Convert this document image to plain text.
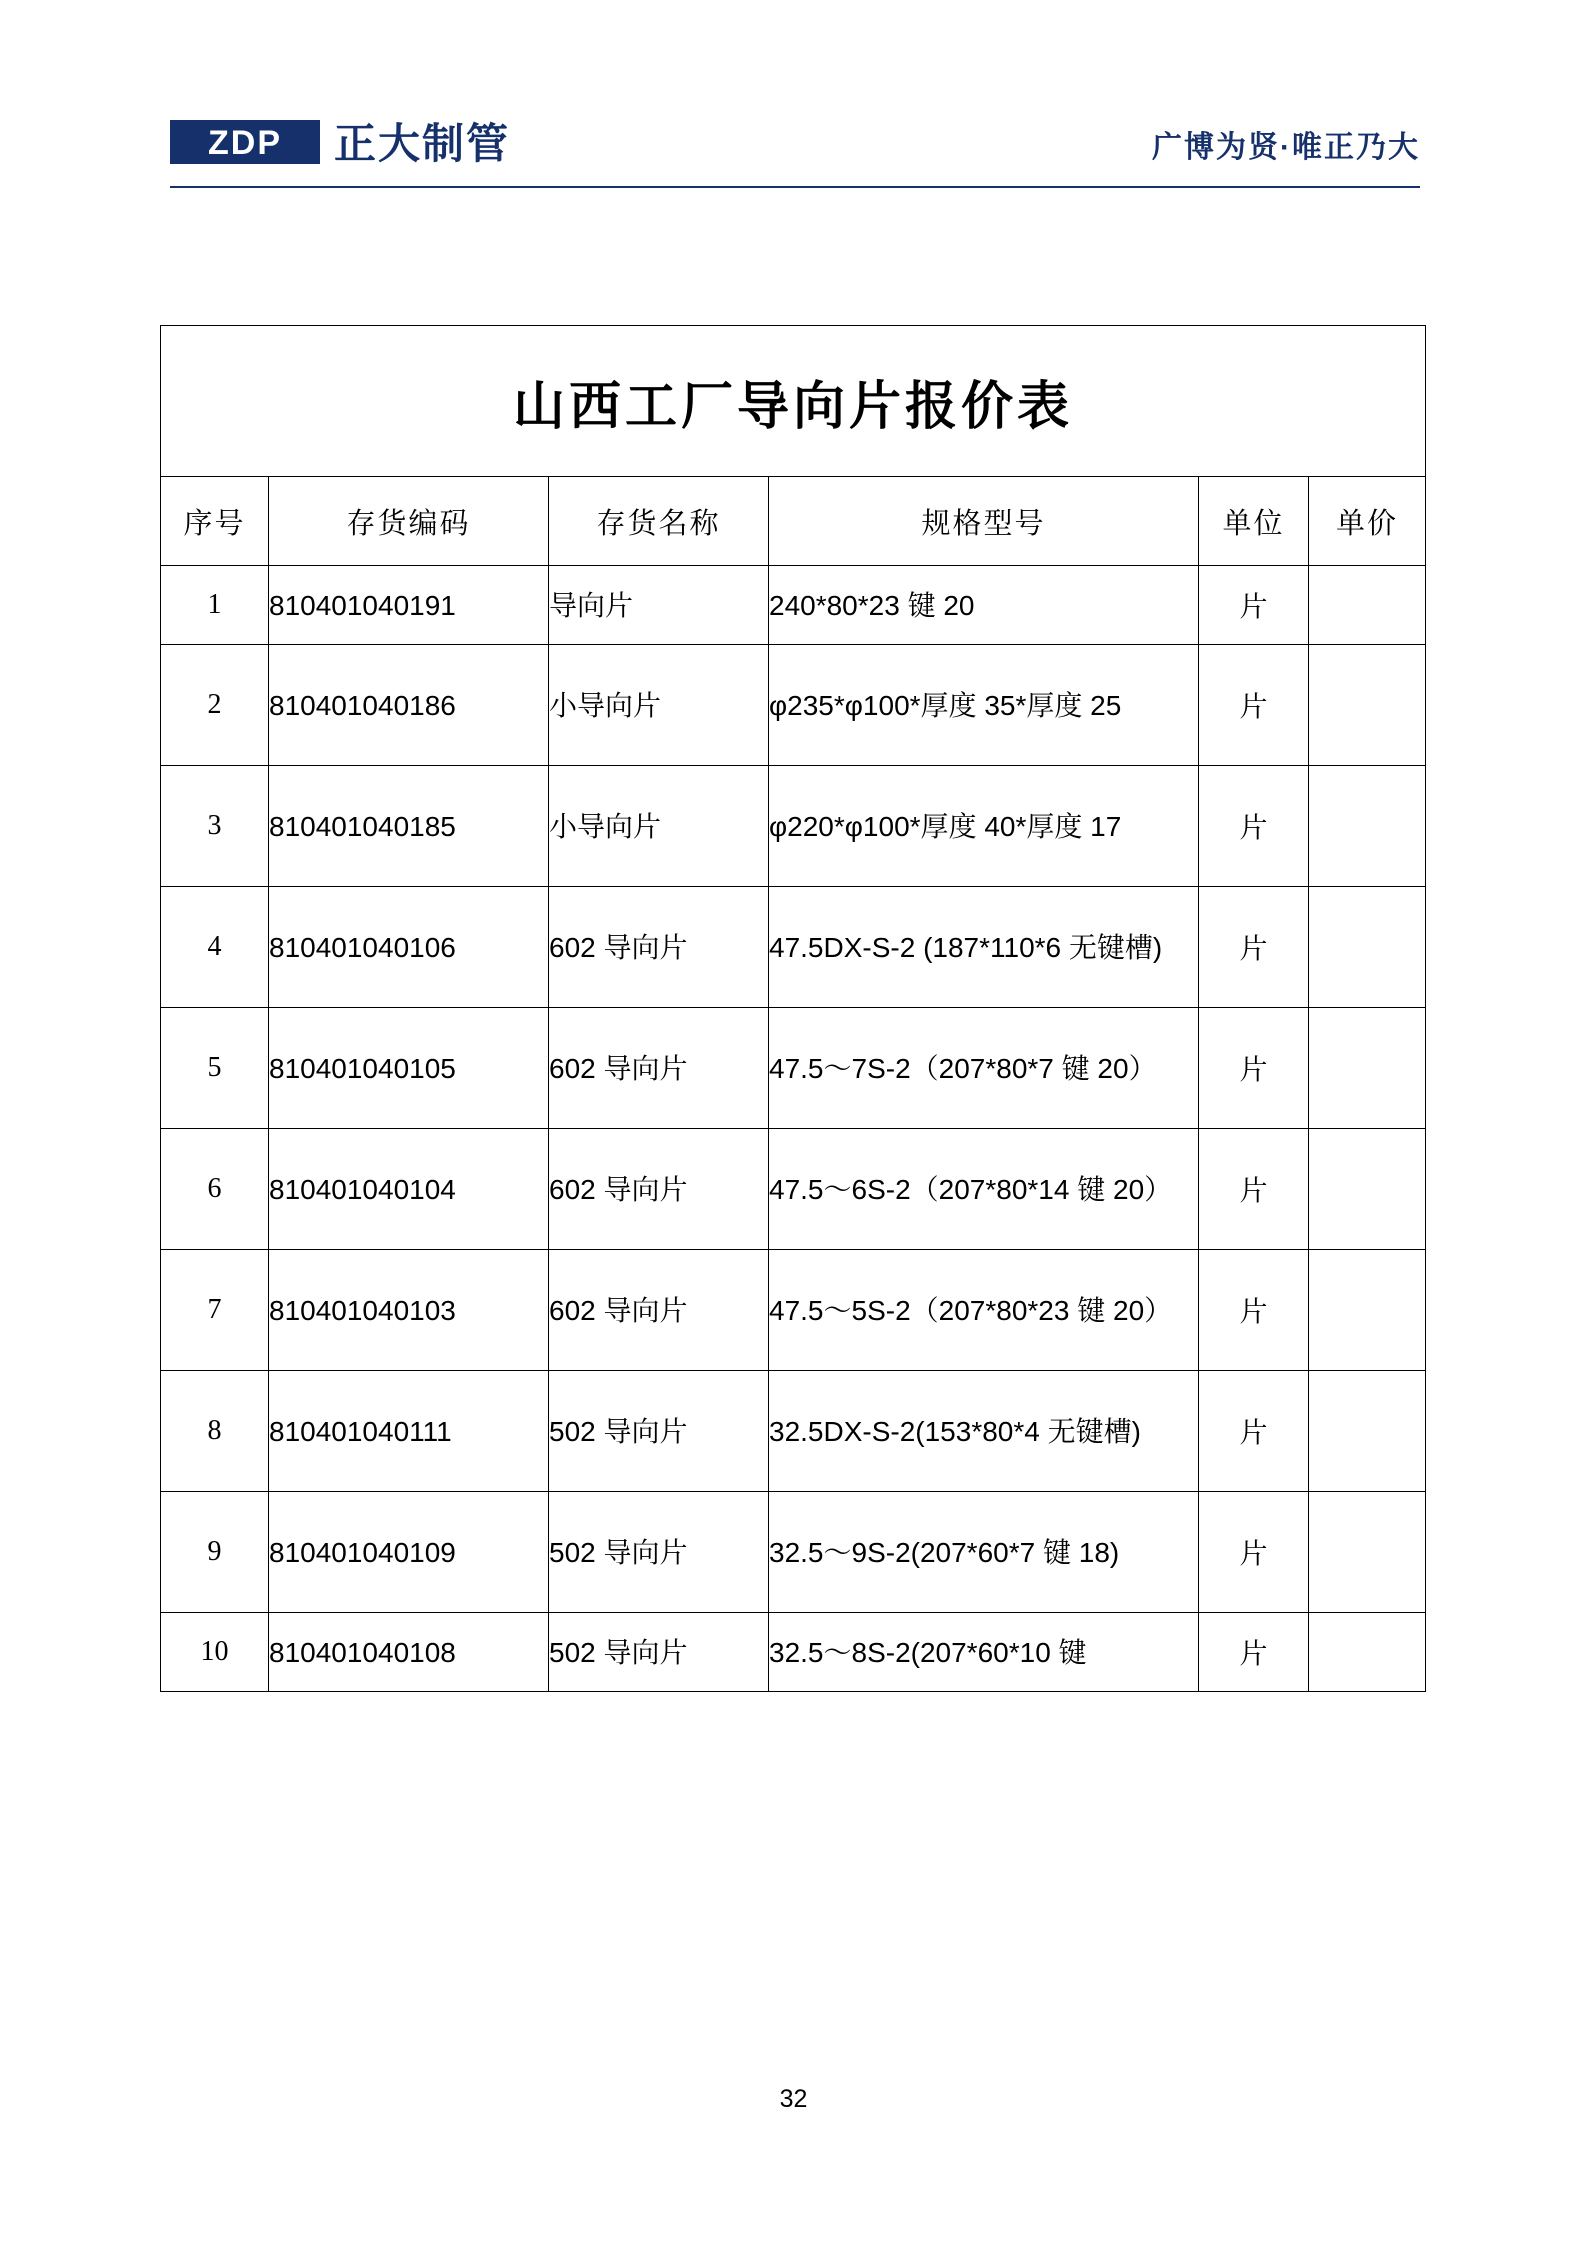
ZDP 正大制管	广博为贤·唯正乃大
山西工厂导向片报价表					
序号	存货编码	存货名称	规格型号	单位	单价
1	810401040191	导向片	240*80*23 键 20	片	
2	810401040186	小导向片	φ235*φ100*厚度 35*厚度 25	片	
3	810401040185	小导向片	φ220*φ100*厚度 40*厚度 17	片	
4	810401040106	602 导向片	47.5DX-S-2 (187*110*6 无键槽)	片	
5	810401040105	602 导向片	47.5～7S-2（207*80*7 键 20）	片	
6	810401040104	602 导向片	47.5～6S-2（207*80*14 键 20）	片	
7	810401040103	602 导向片	47.5～5S-2（207*80*23 键 20）	片	
8	810401040111	502 导向片	32.5DX-S-2(153*80*4 无键槽)	片	
9	810401040109	502 导向片	32.5～9S-2(207*60*7 键 18)	片	
10	810401040108	502 导向片	32.5～8S-2(207*60*10 键	片	
32
